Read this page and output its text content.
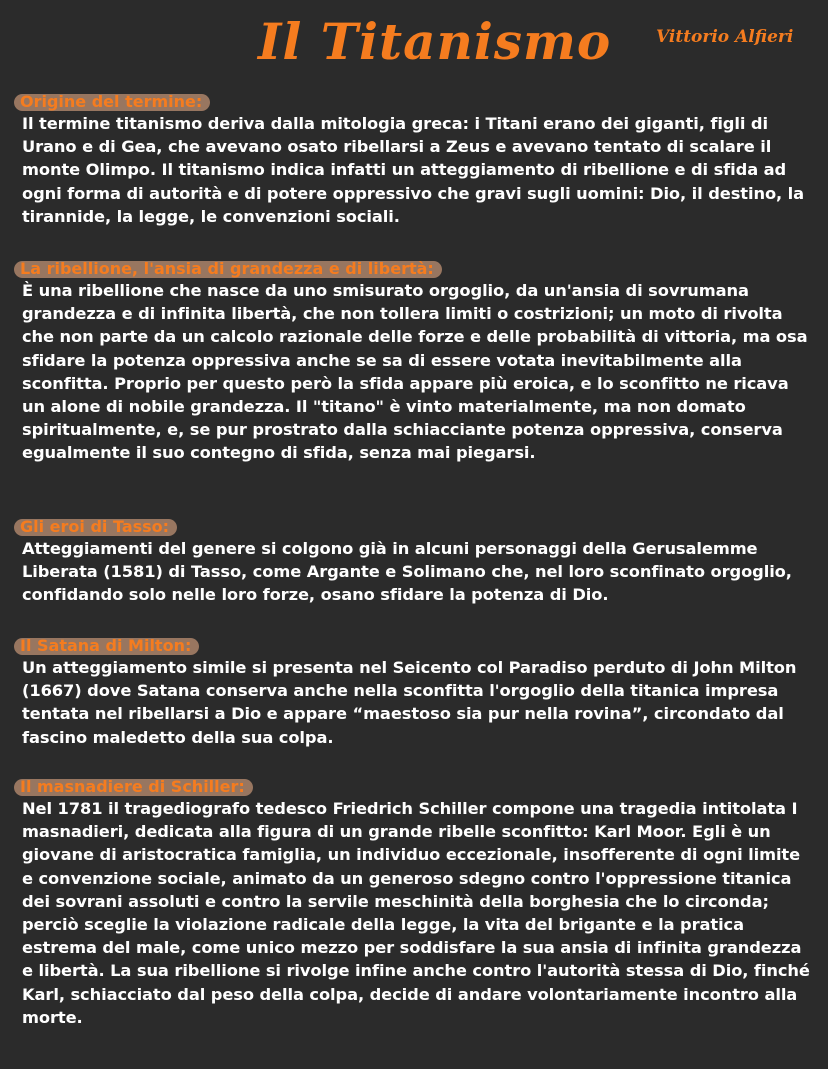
Il Titanismo	Vittorio Alfieri
Origine del termine:

Il termine titanismo deriva dalla mitologia greca: i Titani erano dei giganti, figli di Urano e di Gea, che avevano osato ribellarsi a Zeus e avevano tentato di scalare il monte Olimpo. Il titanismo indica infatti un atteggiamento di ribellione e di sfida ad ogni forma di autorità e di potere oppressivo che gravi sugli uomini: Dio, il destino, la tirannide, la legge, le convenzioni sociali.

La ribellione, l'ansia di grandezza e di libertà:

È una ribellione che nasce da uno smisurato orgoglio, da un'ansia di sovrumana grandezza e di infinita libertà, che non tollera limiti o costrizioni; un moto di rivolta che non parte da un calcolo razionale delle forze e delle probabilità di vittoria, ma osa sfidare la potenza oppressiva anche se sa di essere votata inevitabilmente alla sconfitta. Proprio per questo però la sfida appare più eroica, e lo sconfitto ne ricava un alone di nobile grandezza. Il "titano" è vinto materialmente, ma non domato spiritualmente, e, se pur prostrato dalla schiacciante potenza oppressiva, conserva egualmente il suo contegno di sfida, senza mai piegarsi.

Gli eroi di Tasso:

Atteggiamenti del genere si colgono già in alcuni personaggi della Gerusalemme Liberata (1581) di Tasso, come Argante e Solimano che, nel loro sconfinato orgoglio, confidando solo nelle loro forze, osano sfidare la potenza di Dio.

Il Satana di Milton:

Un atteggiamento simile si presenta nel Seicento col Paradiso perduto di John Milton (1667) dove Satana conserva anche nella sconfitta l'orgoglio della titanica impresa tentata nel ribellarsi a Dio e appare “maestoso sia pur nella rovina”, circondato dal fascino maledetto della sua colpa.

Il masnadiere di Schiller:

Nel 1781 il tragediografo tedesco Friedrich Schiller compone una tragedia intitolata I masnadieri, dedicata alla figura di un grande ribelle sconfitto: Karl Moor. Egli è un giovane di aristocratica famiglia, un individuo eccezionale, insofferente di ogni limite e convenzione sociale, animato da un generoso sdegno contro l'oppressione titanica dei sovrani assoluti e contro la servile meschinità della borghesia che lo circonda; perciò sceglie la violazione radicale della legge, la vita del brigante e la pratica estrema del male, come unico mezzo per soddisfare la sua ansia di infinita grandezza e libertà. La sua ribellione si rivolge infine anche contro l'autorità stessa di Dio, finché Karl, schiacciato dal peso della colpa, decide di andare volontariamente incontro alla morte.
